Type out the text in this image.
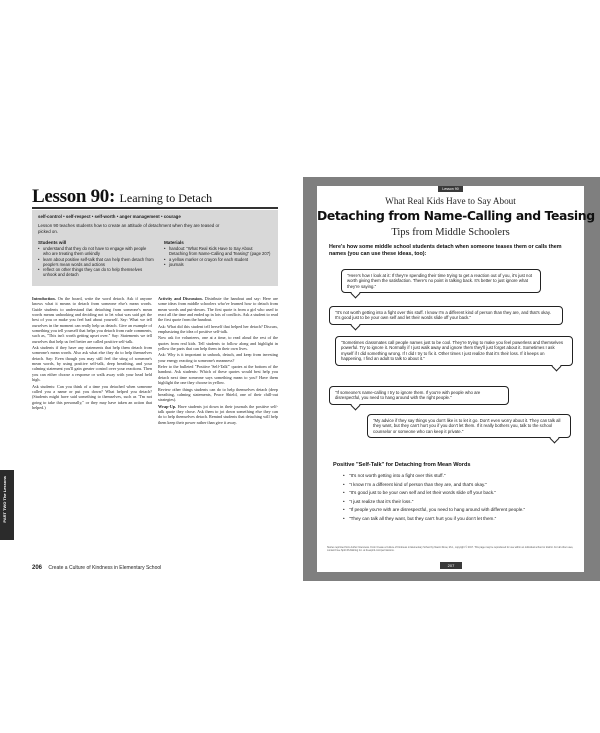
Lesson 90: Learning to Detach
self-control • self-respect • self-worth • anger management • courage
Lesson 90 teaches students how to create an attitude of detachment when they are teased or picked on.
Students will
• understand that they do not have to engage with people who are treating them unkindly
• learn about positive self-talk that can help them detach from people's mean words and actions
• reflect on other things they can do to help themselves unhook and detach
Materials
• handout: "What Real Kids Have to Say About Detaching from Name-Calling and Teasing" (page 207)
• a yellow marker or crayon for each student
• journals

Introduction. On the board, write the word detach. Ask if anyone knows what it means to detach from someone else's mean words. Guide students to understand that detaching from someone's mean words means unhooking and deciding not to let what was said get the best of you or make you feel bad about yourself. Say: What we tell ourselves in the moment can really help us detach. Give an example of something you tell yourself that helps you detach from rude comments, such as, "This isn't worth getting upset over." Say: Statements we tell ourselves that help us feel better are called positive self-talk.

Ask students if they have any statements that help them detach from someone's mean words. Also ask what else they do to help themselves detach. Say: Even though you may still feel the sting of someone's mean words, by using positive self-talk, deep breathing, and your calming statement you'll gain greater control over your reactions. Then you can either choose a response or walk away with your head held high.

Ask students: Can you think of a time you detached when someone called you a name or put you down? What helped you detach? (Students might have said something to themselves, such as "I'm not going to take this personally," or they may have taken an action that helped.)

Activity and Discussion. Distribute the handout and say: Here are some ideas from middle schoolers who've learned how to detach from mean words and put-downs. The first quote is from a girl who used to react all the time and ended up in lots of conflicts. Ask a student to read the first quote from the handout.

Ask: What did this student tell herself that helped her detach? Discuss, emphasizing the idea of positive self-talk.

Now ask for volunteers, one at a time, to read aloud the rest of the quotes from real kids. Tell students to follow along and highlight in yellow the parts that can help them in their own lives.

Ask: Why is it important to unhook, detach, and keep from investing your energy reacting to someone's meanness?

Refer to the bulleted "Positive 'Self-Talk'" quotes at the bottom of the handout. Ask students: Which of these quotes would best help you detach next time someone says something mean to you? Have them highlight the one they choose in yellow.

Review other things students can do to help themselves detach (deep breathing, calming statements, Peace Shield, one of their chill-out strategies).

Wrap-Up. Have students jot down in their journals the positive self-talk quote they chose. Ask them to jot down something else they can do to help themselves detach. Remind students that detaching will help them keep their power rather than give it away.

PART TWO The Lessons
206 Create a Culture of Kindness in Elementary School
Lesson 90
What Real Kids Have to Say About
Detaching from Name-Calling and Teasing
Tips from Middle Schoolers
Here's how some middle school students detach when someone teases them or calls them names (you can use these ideas, too):
"Here's how I look at it: If they're spending their time trying to get a reaction out of you, it's just not worth giving them the satisfaction. There's no point in talking back. It's better to just ignore what they're saying."
"It's not worth getting into a fight over this stuff. I know I'm a different kind of person than they are, and that's okay. It's good just to be your own self and let their words slide off your back."
"Sometimes classmates call people names just to be cool. They're trying to make you feel powerless and themselves powerful. Try to ignore it. Normally if I just walk away and ignore them they'll just forget about it. Sometimes I ask myself if I did something wrong. If I did I try to fix it. Other times I just realize that it's their loss. If it keeps on happening, I find an adult to talk to about it."
"If someone's name-calling I try to ignore them. If you're with people who are disrespectful, you need to hang around with the right people."
"My advice if they say things you don't like is to let it go. Don't even worry about it. They can talk all they want, but they can't hurt you if you don't let them. If it really bothers you, talk to the school counselor or someone who can keep it private."
Positive "Self-Talk" for Detaching from Mean Words
• "It's not worth getting into a fight over this stuff."
• "I know I'm a different kind of person than they are, and that's okay."
• "It's good just to be your own self and let their words slide off your back."
• "I just realize that it's their loss."
• "If people you're with are disrespectful, you need to hang around with different people."
• "They can talk all they want, but they can't hurt you if you don't let them."
Stories reprinted from Author Interviews. From Create a Culture of Kindness in Elementary School by Naomi Drew, M.A., copyright © 2017. This page may be reproduced for use within an individual school or district. For all other uses, contact Free Spirit Publishing Inc. at freespirit.com/permissions.
207
